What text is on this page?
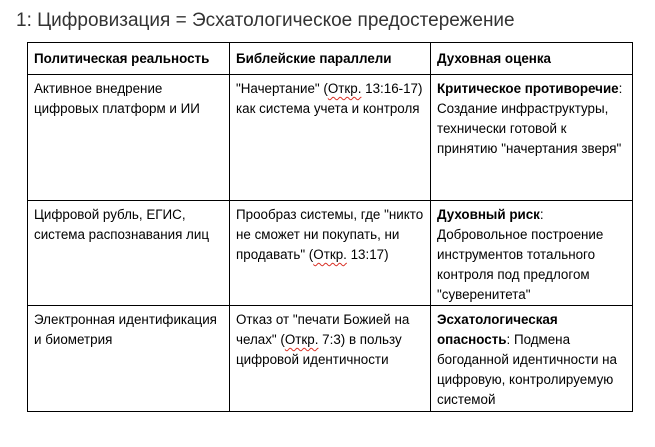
1: Цифровизация = Эсхатологическое предостережение
Политическая реальность	Библейские параллели	Духовная оценка
Активное внедрение цифровых платформ и ИИ	"Начертание" (Откр. 13:16-17) как система учета и контроля	Критическое противоречие: Создание инфраструктуры, технически готовой к принятию "начертания зверя"
Цифровой рубль, ЕГИС, система распознавания лиц	Прообраз системы, где "никто не сможет ни покупать, ни продавать" (Откр. 13:17)	Духовный риск: Добровольное построение инструментов тотального контроля под предлогом "суверенитета"
Электронная идентификация и биометрия	Отказ от "печати Божией на челах" (Откр. 7:3) в пользу цифровой идентичности	Эсхатологическая опасность: Подмена богоданной идентичности на цифровую, контролируемую системой
